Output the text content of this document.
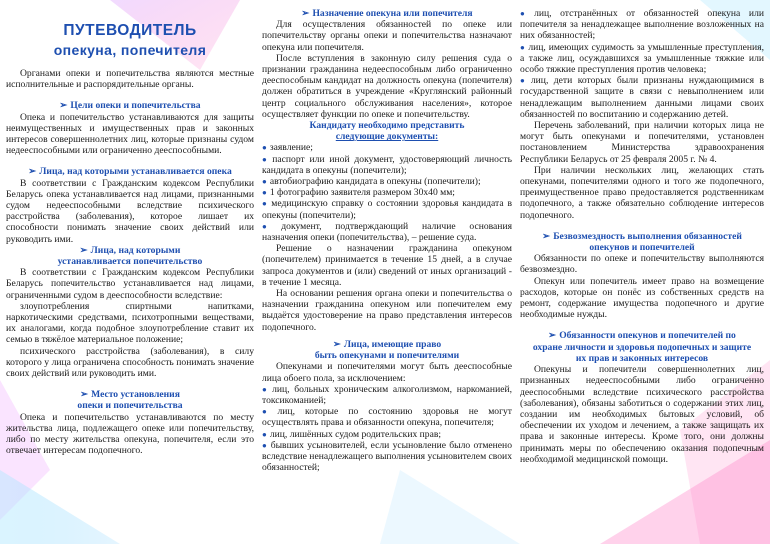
ПУТЕВОДИТЕЛЬ
опекуна, попечителя

Органами опеки и попечительства являются местные исполнительные и распорядительные органы.

➢ Цели опеки и попечительства

Опека и попечительство устанавливаются для защиты неимущественных и имущественных прав и законных интересов совершеннолетних лиц, которые признаны судом недееспособными или ограниченно дееспособными.

➢ Лица, над которыми устанавливается опека

В соответствии с Гражданским кодексом Республики Беларусь опека устанавливается над лицами, признанными судом недееспособными вследствие психического расстройства (заболевания), которое лишает их способности понимать значение своих действий или руководить ими.

➢ Лица, над которыми
устанавливается попечительство

В соответствии с Гражданским кодексом Республики Беларусь попечительство устанавливается над лицами, ограниченными судом в дееспособности вследствие:

злоупотребления спиртными напитками, наркотическими средствами, психотропными веществами, их аналогами, когда подобное злоупотребление ставит их семью в тяжёлое материальное положение;

психического расстройства (заболевания), в силу которого у лица ограничена способность понимать значение своих действий или руководить ими.

➢ Место установления
опеки и попечительства

Опека и попечительство устанавливаются по месту жительства лица, подлежащего опеке или попечительству, либо по месту жительства опекуна, попечителя, если это отвечает интересам подопечного.

➢ Назначение опекуна или попечителя

Для осуществления обязанностей по опеке или попечительству органы опеки и попечительства назначают опекуна или попечителя.

После вступления в законную силу решения суда о признании гражданина недееспособным либо ограниченно дееспособным кандидат на должность опекуна (попечителя) должен обратиться в учреждение «Круглянский районный центр социального обслуживания населения», которое осуществляет функции по опеке и попечительству.

Кандидату необходимо представить
следующие документы:

● заявление;

● паспорт или иной документ, удостоверяющий личность кандидата в опекуны (попечители);

● автобиографию кандидата в опекуны (попечители);

● 1 фотографию заявителя размером 30х40 мм;

● медицинскую справку о состоянии здоровья кандидата в опекуны (попечители);

● документ, подтверждающий наличие основания назначения опеки (попечительства), – решение суда.

Решение о назначении гражданина опекуном (попечителем) принимается в течение 15 дней, а в случае запроса документов и (или) сведений от иных организаций - в течение 1 месяца.

На основании решения органа опеки и попечительства о назначении гражданина опекуном или попечителем ему выдаётся удостоверение на право представления интересов подопечного.

➢ Лица, имеющие право
быть опекунами и попечителями

Опекунами и попечителями могут быть дееспособные лица обоего пола, за исключением:

● лиц, больных хроническим алкоголизмом, наркоманией, токсикоманией;

● лиц, которые по состоянию здоровья не могут осуществлять права и обязанности опекуна, попечителя;

● лиц, лишённых судом родительских прав;

● бывших усыновителей, если усыновление было отменено вследствие ненадлежащего выполнения усыновителем своих обязанностей;

● лиц, отстранённых от обязанностей опекуна или попечителя за ненадлежащее выполнение возложенных на них обязанностей;

● лиц, имеющих судимость за умышленные преступления, а также лиц, осуждавшихся за умышленные тяжкие или особо тяжкие преступления против человека;

● лиц, дети которых были признаны нуждающимися в государственной защите в связи с невыполнением или ненадлежащим выполнением данными лицами своих обязанностей по воспитанию и содержанию детей.

Перечень заболеваний, при наличии которых лица не могут быть опекунами и попечителями, установлен постановлением Министерства здравоохранения Республики Беларусь от 25 февраля 2005 г. № 4.

При наличии нескольких лиц, желающих стать опекунами, попечителями одного и того же подопечного, преимущественное право предоставляется родственникам подопечного, а также обязательно соблюдение интересов подопечного.

➢ Безвозмездность выполнения обязанностей
опекунов и попечителей

Обязанности по опеке и попечительству выполняются безвозмездно.

Опекун или попечитель имеет право на возмещение расходов, которые он понёс из собственных средств на ремонт, содержание имущества подопечного и другие необходимые нужды.

➢ Обязанности опекунов и попечителей по
охране личности и здоровья подопечных и защите
их прав и законных интересов

Опекуны и попечители совершеннолетних лиц, признанных недееспособными либо ограниченно дееспособными вследствие психического расстройства (заболевания), обязаны заботиться о содержании этих лиц, создании им необходимых бытовых условий, об обеспечении их уходом и лечением, а также защищать их права и законные интересы. Кроме того, они должны принимать меры по обеспечению оказания подопечным необходимой медицинской помощи.
